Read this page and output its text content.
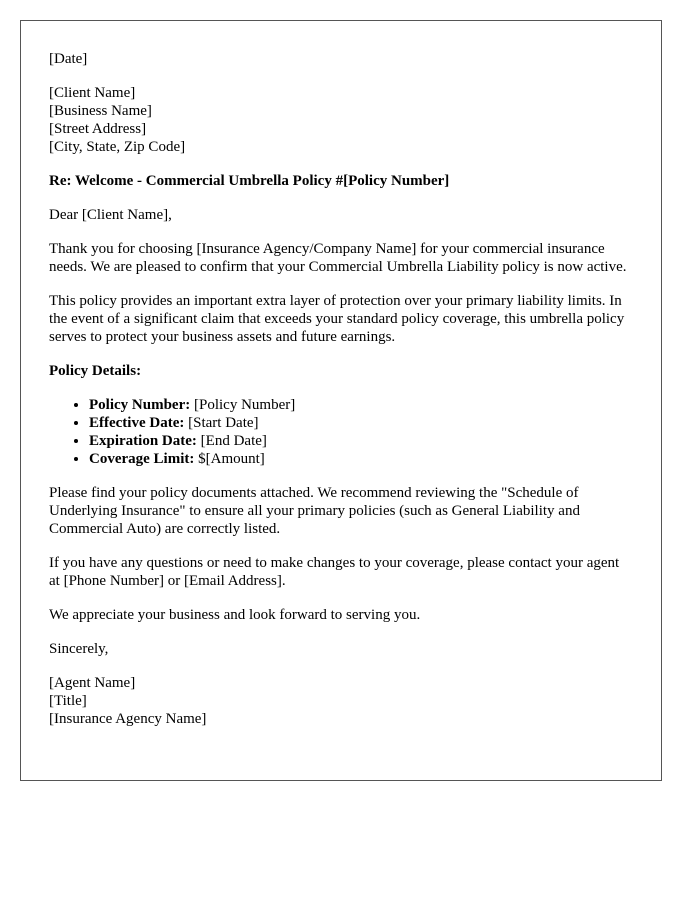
[Date]
[Client Name]
[Business Name]
[Street Address]
[City, State, Zip Code]
Re: Welcome - Commercial Umbrella Policy #[Policy Number]

Dear [Client Name],

Thank you for choosing [Insurance Agency/Company Name] for your commercial insurance needs. We are pleased to confirm that your Commercial Umbrella Liability policy is now active.

This policy provides an important extra layer of protection over your primary liability limits. In the event of a significant claim that exceeds your standard policy coverage, this umbrella policy serves to protect your business assets and future earnings.

Policy Details:
• Policy Number: [Policy Number]
• Effective Date: [Start Date]
• Expiration Date: [End Date]
• Coverage Limit: $[Amount]

Please find your policy documents attached. We recommend reviewing the "Schedule of Underlying Insurance" to ensure all your primary policies (such as General Liability and Commercial Auto) are correctly listed.

If you have any questions or need to make changes to your coverage, please contact your agent at [Phone Number] or [Email Address].

We appreciate your business and look forward to serving you.

Sincerely,
[Agent Name]
[Title]
[Insurance Agency Name]
